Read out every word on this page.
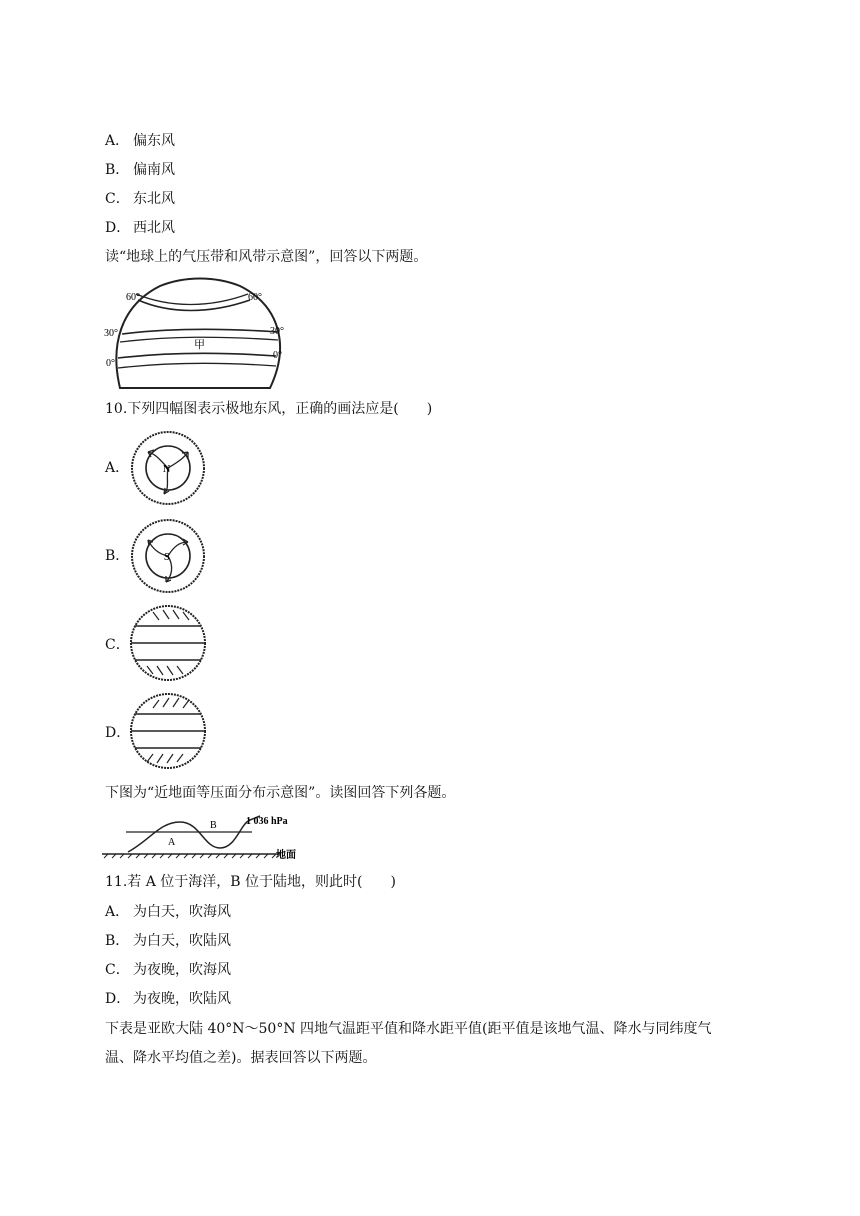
A． 偏东风
B． 偏南风
C． 东北风
D． 西北风
读“地球上的气压带和风带示意图”，回答以下两题。
60°	60°
30°	30°
0°
0°
甲
10.下列四幅图表示极地东风，正确的画法应是(　　)
A．	N
B．	S
C．
D．
下图为“近地面等压面分布示意图”。读图回答下列各题。
A
B	1 036 hPa
地面
11.若 A 位于海洋，B 位于陆地，则此时(　　)
A． 为白天，吹海风
B． 为白天，吹陆风
C． 为夜晚，吹海风
D． 为夜晚，吹陆风
下表是亚欧大陆 40°N～50°N 四地气温距平值和降水距平值(距平值是该地气温、降水与同纬度气
温、降水平均值之差)。据表回答以下两题。
